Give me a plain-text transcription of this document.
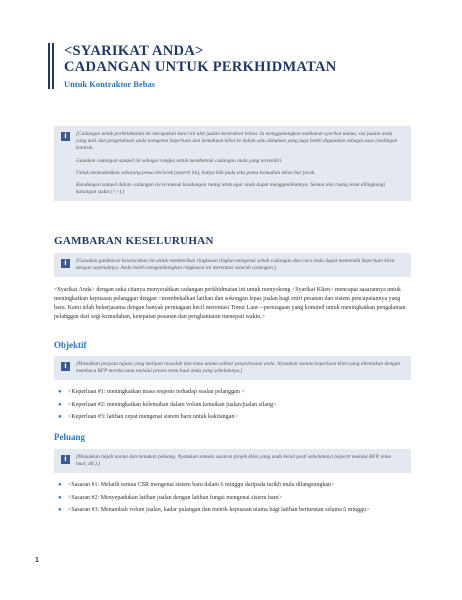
<SYARIKAT ANDA>
CADANGAN UNTUK PERKHIDMATAN
Untuk Kontraktor Bebas
i	[Cadangan untuk perkhidmatan ini merupakan kunci kit alat jualan kontraktor bebas. Ia menggabungkan maklumat syarikat utama, sisi jualan anda yang unik dan pengetahuan anda mengenai keperluan dan kemahuan klien ke dalam satu dokumen yang juga boleh digunakan sebagai asas rundingan kontrak.

Gunakan cadangan sampel ini sebagai rangka untuk membentuk cadangan anda yang tersendiri.

Untuk memadamkan sebarang petua berlorek (seperti ini), hanya klik pada teks petua kemudian tekan bar jarak.

Kandungan sampel dalam cadangan ini termasuk kandungan ruang letak agar anda dapat menggantikannya. Semua teks ruang letak dilingkungi kurungan sudut (<>).]

GAMBARAN KESELURUHAN
i	[Gunakan gambaran keseluruhan ini untuk memberikan ringkasan tingkat mengenai sebab cadangan dan cara anda dapat memenuhi keperluan klien dengan sepenuhnya. Anda boleh mengembangkan ringkasan ini merentasi seluruh cadangan.]

<Syarikat Anda> dengan suka citanya menyerahkan cadangan perkhidmatan ini untuk menyokong <Syarikat Klien> mencapai sasarannya untuk meningkatkan kepuasan pelanggan dengan <membekalkan latihan dan sokongan lepas jualan bagi entri pesanan dan sistem pencapaiannya yang baru. Kami telah bekerjasama dengan banyak perniagaan kecil merentasi Timur Laut—perniagaan yang komited untuk meningkatkan pengalaman pelanggan dari segi kemudahan, ketepatan pesanan dan penghantaran menepati waktu.>

Objektif
i	[Masukkan penyata tujuan yang melipati masalah dan tema utama sekitar penyelesaian anda. Nyatakan semula keperluan klien yang ditentukan dengan membaca RFP mereka atau melalui proses temu bual anda yang sebelumnya.]

● <Keperluan #1: meningkatkan masa respons terhadap soalan pelanggan >
● <Keperluan #2: meningkatkan kelemahan dalam volum kenaikan jualan/jualan silang>
● <Keperluan #3: latihan cepat mengenai sistem baru untuk kakitangan>
Peluang
i	[Masukkan hajah utama dan tentukan peluang. Nyatakan semula sasaran projek klien yang anda kenal pasti sebelumnya (seperti melalui RFP, temu bual, dll.).]

● <Sasaran #1: Melatih semua CSR mengenai sistem baru dalam 6 minggu daripada tarikh mula dilangsungkan>
● <Sasaran #2: Menyepadukan latihan jualan dengan latihan fungsi mengenai sistem baru>
● <Sasaran #3: Menambah volum jualan, kadar pulangan dan metrik kepuasan utama bagi latihan berturutan selama 6 minggu>
1
